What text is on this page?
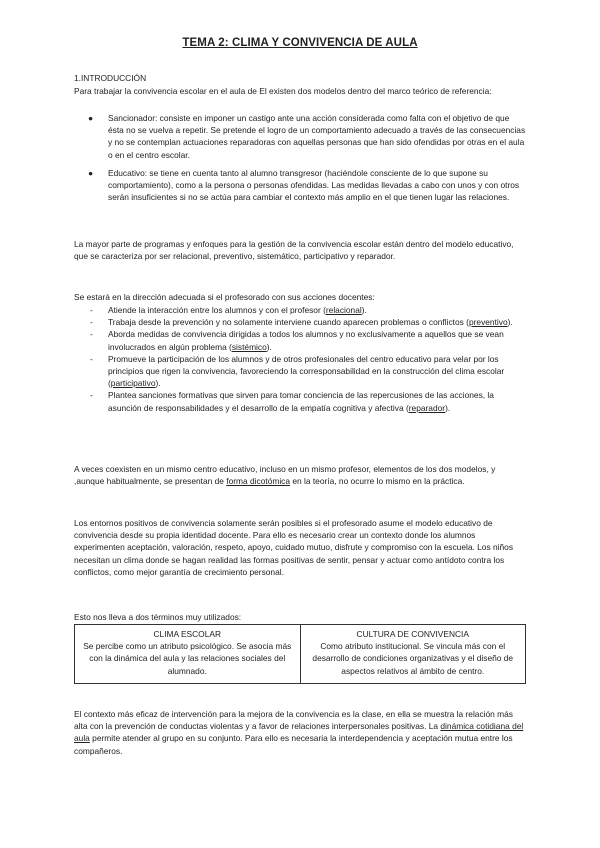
TEMA 2: CLIMA Y CONVIVENCIA DE AULA
1.INTRODUCCIÓN
Para trabajar la convivencia escolar en el aula de El existen dos modelos dentro del marco teórico de referencia:
● Sancionador: consiste en imponer un castigo ante una acción considerada como falta con el objetivo de que ésta no se vuelva a repetir. Se pretende el logro de un comportamiento adecuado a través de las consecuencias y no se contemplan actuaciones reparadoras con aquellas personas que han sido ofendidas por otras en el aula o en el centro escolar.
● Educativo: se tiene en cuenta tanto al alumno transgresor (haciéndole consciente de lo que supone su comportamiento), como a la persona o personas ofendidas. Las medidas llevadas a cabo con unos y con otros serán insuficientes si no se actúa para cambiar el contexto más amplio en el que tienen lugar las relaciones.
La mayor parte de programas y enfoques para la gestión de la convivencia escolar están dentro del modelo educativo, que se caracteriza por ser relacional, preventivo, sistemático, participativo y reparador.
Se estará en la dirección adecuada si el profesorado con sus acciones docentes:
- Atiende la interacción entre los alumnos y con el profesor (relacional).
- Trabaja desde la prevención y no solamente interviene cuando aparecen problemas o conflictos (preventivo).
- Aborda medidas de convivencia dirigidas a todos los alumnos y no exclusivamente a aquellos que se vean involucrados en algún problema (sistémico).
- Promueve la participación de los alumnos y de otros profesionales del centro educativo para velar por los principios que rigen la convivencia, favoreciendo la corresponsabilidad en la construcción del clima escolar (participativo).
- Plantea sanciones formativas que sirven para tomar conciencia de las repercusiones de las acciones, la asunción de responsabilidades y el desarrollo de la empatía cognitiva y afectiva (reparador).
A veces coexisten en un mismo centro educativo, incluso en un mismo profesor, elementos de los dos modelos, y ,aunque habitualmente, se presentan de forma dicotómica en la teoría, no ocurre lo mismo en la práctica.
Los entornos positivos de convivencia solamente serán posibles si el profesorado asume el modelo educativo de convivencia desde su propia identidad docente. Para ello es necesario crear un contexto donde los alumnos experimenten aceptación, valoración, respeto, apoyo, cuidado mutuo, disfrute y compromiso con la escuela. Los niños necesitan un clima donde se hagan realidad las formas positivas de sentir, pensar y actuar como antídoto contra los conflictos, como mejor garantía de crecimiento personal.
Esto nos lleva a dos términos muy utilizados:
CLIMA ESCOLAR
Se percibe como un atributo psicológico. Se asocia más con la dinámica del aula y las relaciones sociales del alumnado.	
CULTURA DE CONVIVENCIA
Como atributo institucional. Se vincula más con el desarrollo de condiciones organizativas y el diseño de aspectos relativos al ámbito de centro.
El contexto más eficaz de intervención para la mejora de la convivencia es la clase, en ella se muestra la relación más alta con la prevención de conductas violentas y a favor de relaciones interpersonales positivas. La dinámica cotidiana del aula permite atender al grupo en su conjunto. Para ello es necesaria la interdependencia y aceptación mutua entre los compañeros.
